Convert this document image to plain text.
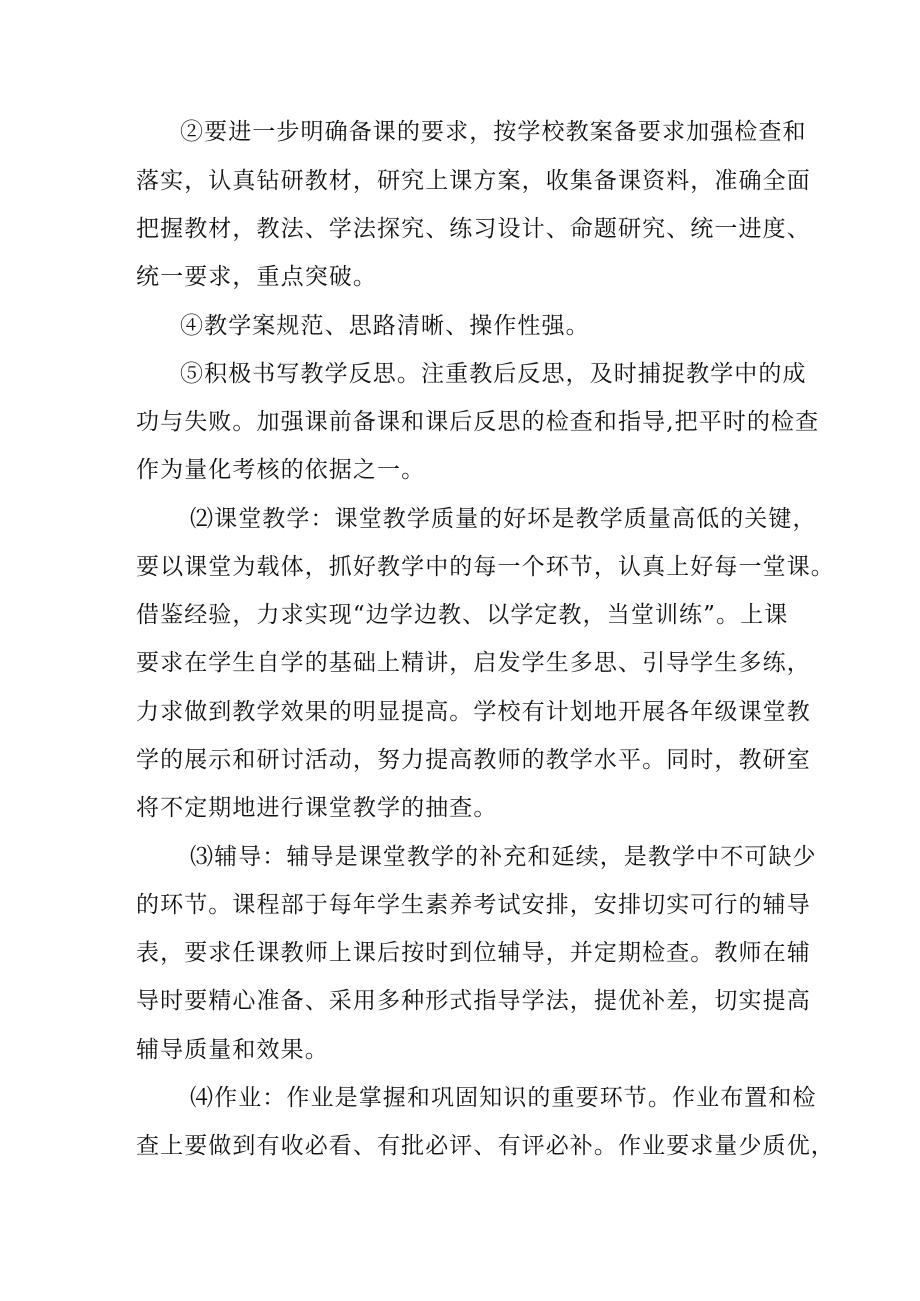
②要进一步明确备课的要求，按学校教案备要求加强检查和
落实，认真钻研教材，研究上课方案，收集备课资料，准确全面
把握教材，教法、学法探究、练习设计、命题研究、统一进度、
统一要求，重点突破。
④教学案规范、思路清晰、操作性强。
⑤积极书写教学反思。注重教后反思，及时捕捉教学中的成
功与失败。加强课前备课和课后反思的检查和指导,把平时的检查
作为量化考核的依据之一。
⑵课堂教学：课堂教学质量的好坏是教学质量高低的关键，
要以课堂为载体，抓好教学中的每一个环节，认真上好每一堂课。
借鉴经验，力求实现“边学边教、以学定教，当堂训练”。上课
要求在学生自学的基础上精讲，启发学生多思、引导学生多练，
力求做到教学效果的明显提高。学校有计划地开展各年级课堂教
学的展示和研讨活动，努力提高教师的教学水平。同时，教研室
将不定期地进行课堂教学的抽查。
⑶辅导：辅导是课堂教学的补充和延续，是教学中不可缺少
的环节。课程部于每年学生素养考试安排，安排切实可行的辅导
表，要求任课教师上课后按时到位辅导，并定期检查。教师在辅
导时要精心准备、采用多种形式指导学法，提优补差，切实提高
辅导质量和效果。
⑷作业：作业是掌握和巩固知识的重要环节。作业布置和检
查上要做到有收必看、有批必评、有评必补。作业要求量少质优，
